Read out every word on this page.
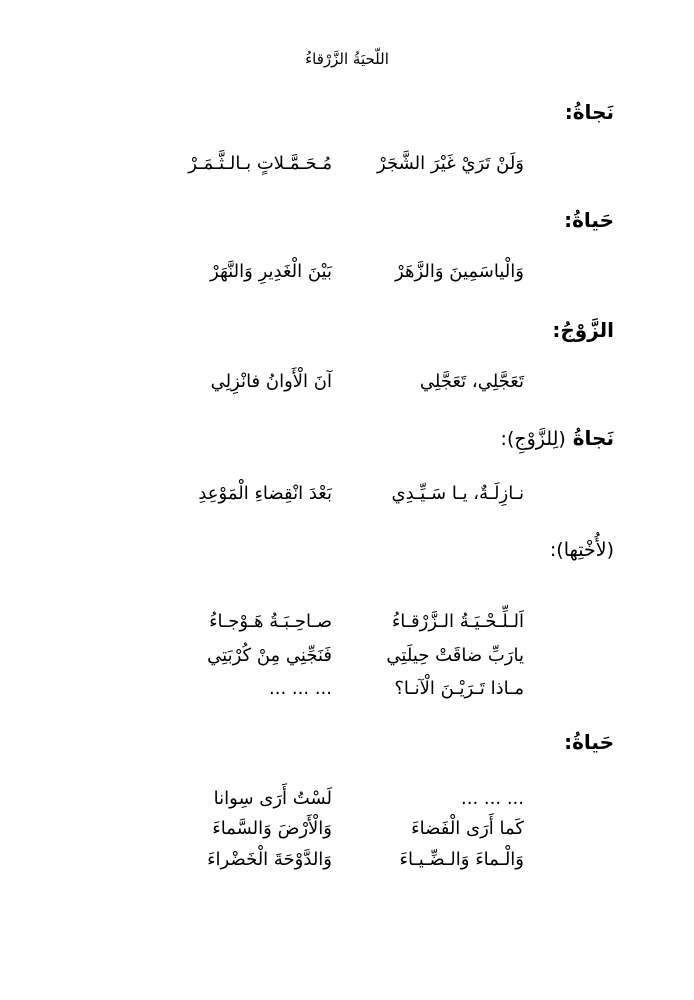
اللّحيَةُ الزَّرْقاءُ
نَجاةُ:
وَلَنْ تَرَيْ غَيْرَ الشَّجَرْ
مُـحَـمَّـلاتٍ بـالـثَّـمَـرْ
حَياةُ:
وَالْياسَمِينَ وَالزَّهَرْ
بَيْنَ الْغَدِيرِ وَالنَّهَرْ
الزَّوْجُ:
تَعَجَّلِي، تَعَجَّلِي
آنَ الْأَوانُ فانْزِلِي
نَجاةُ (لِلزَّوْجِ):
نـازِلَـةٌ، يـا سَـيِّـدِي
بَعْدَ انْقِضاءِ الْمَوْعِدِ
(لأُخْتِها):
اَلـلِّـحْـيَـةُ الـزَّرْقـاءُ
صـاحِـبَـةُ هَـوْجـاءُ
يارَبِّ ضاقَتْ حِيلَتِي
فَنَجِّنِي مِنْ كُرْبَتِي
مـاذا تَـرَيْـنَ الْآنـا؟
... ... ...
حَياةُ:
... ... ...
لَسْتُ أَرَى سِوانا
كَما أَرَى الْفَضاءَ
وَالْأَرْضَ وَالسَّماءَ
وَالْـماءَ وَالـضِّـيـاءَ
وَالدَّوْحَةَ الْخَضْراءَ
